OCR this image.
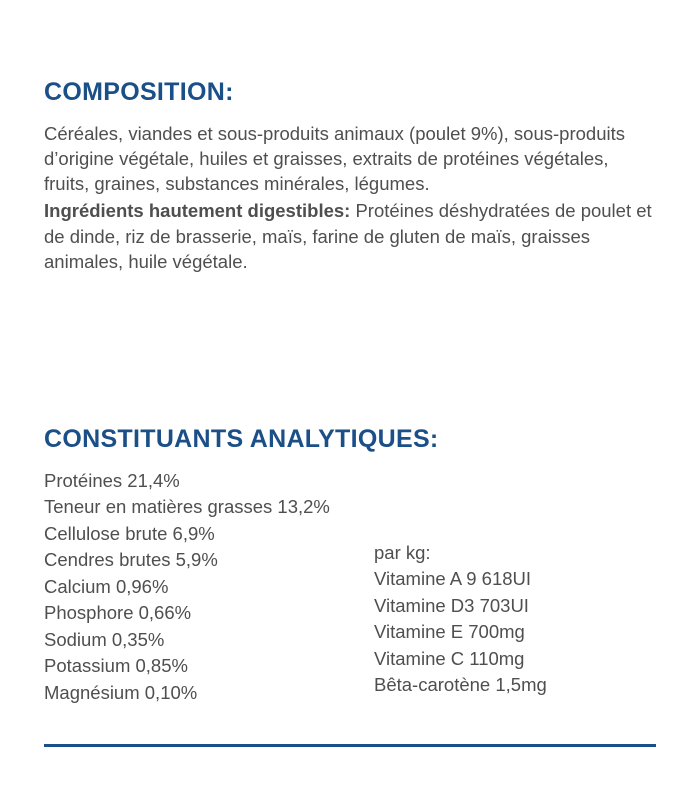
COMPOSITION:

Céréales, viandes et sous-produits animaux (poulet 9%), sous-produits d’origine végétale, huiles et graisses, extraits de protéines végétales, fruits, graines, substances minérales, légumes.

Ingrédients hautement digestibles: Protéines déshydratées de poulet et de dinde, riz de brasserie, maïs, farine de gluten de maïs, graisses animales, huile végétale.

CONSTITUANTS ANALYTIQUES:
Protéines 21,4%
Teneur en matières grasses 13,2%
Cellulose brute 6,9%
Cendres brutes 5,9%
Calcium 0,96%
Phosphore 0,66%
Sodium 0,35%
Potassium 0,85%
Magnésium 0,10%
par kg:
Vitamine A 9 618UI
Vitamine D3 703UI
Vitamine E 700mg
Vitamine C 110mg
Bêta-carotène 1,5mg
